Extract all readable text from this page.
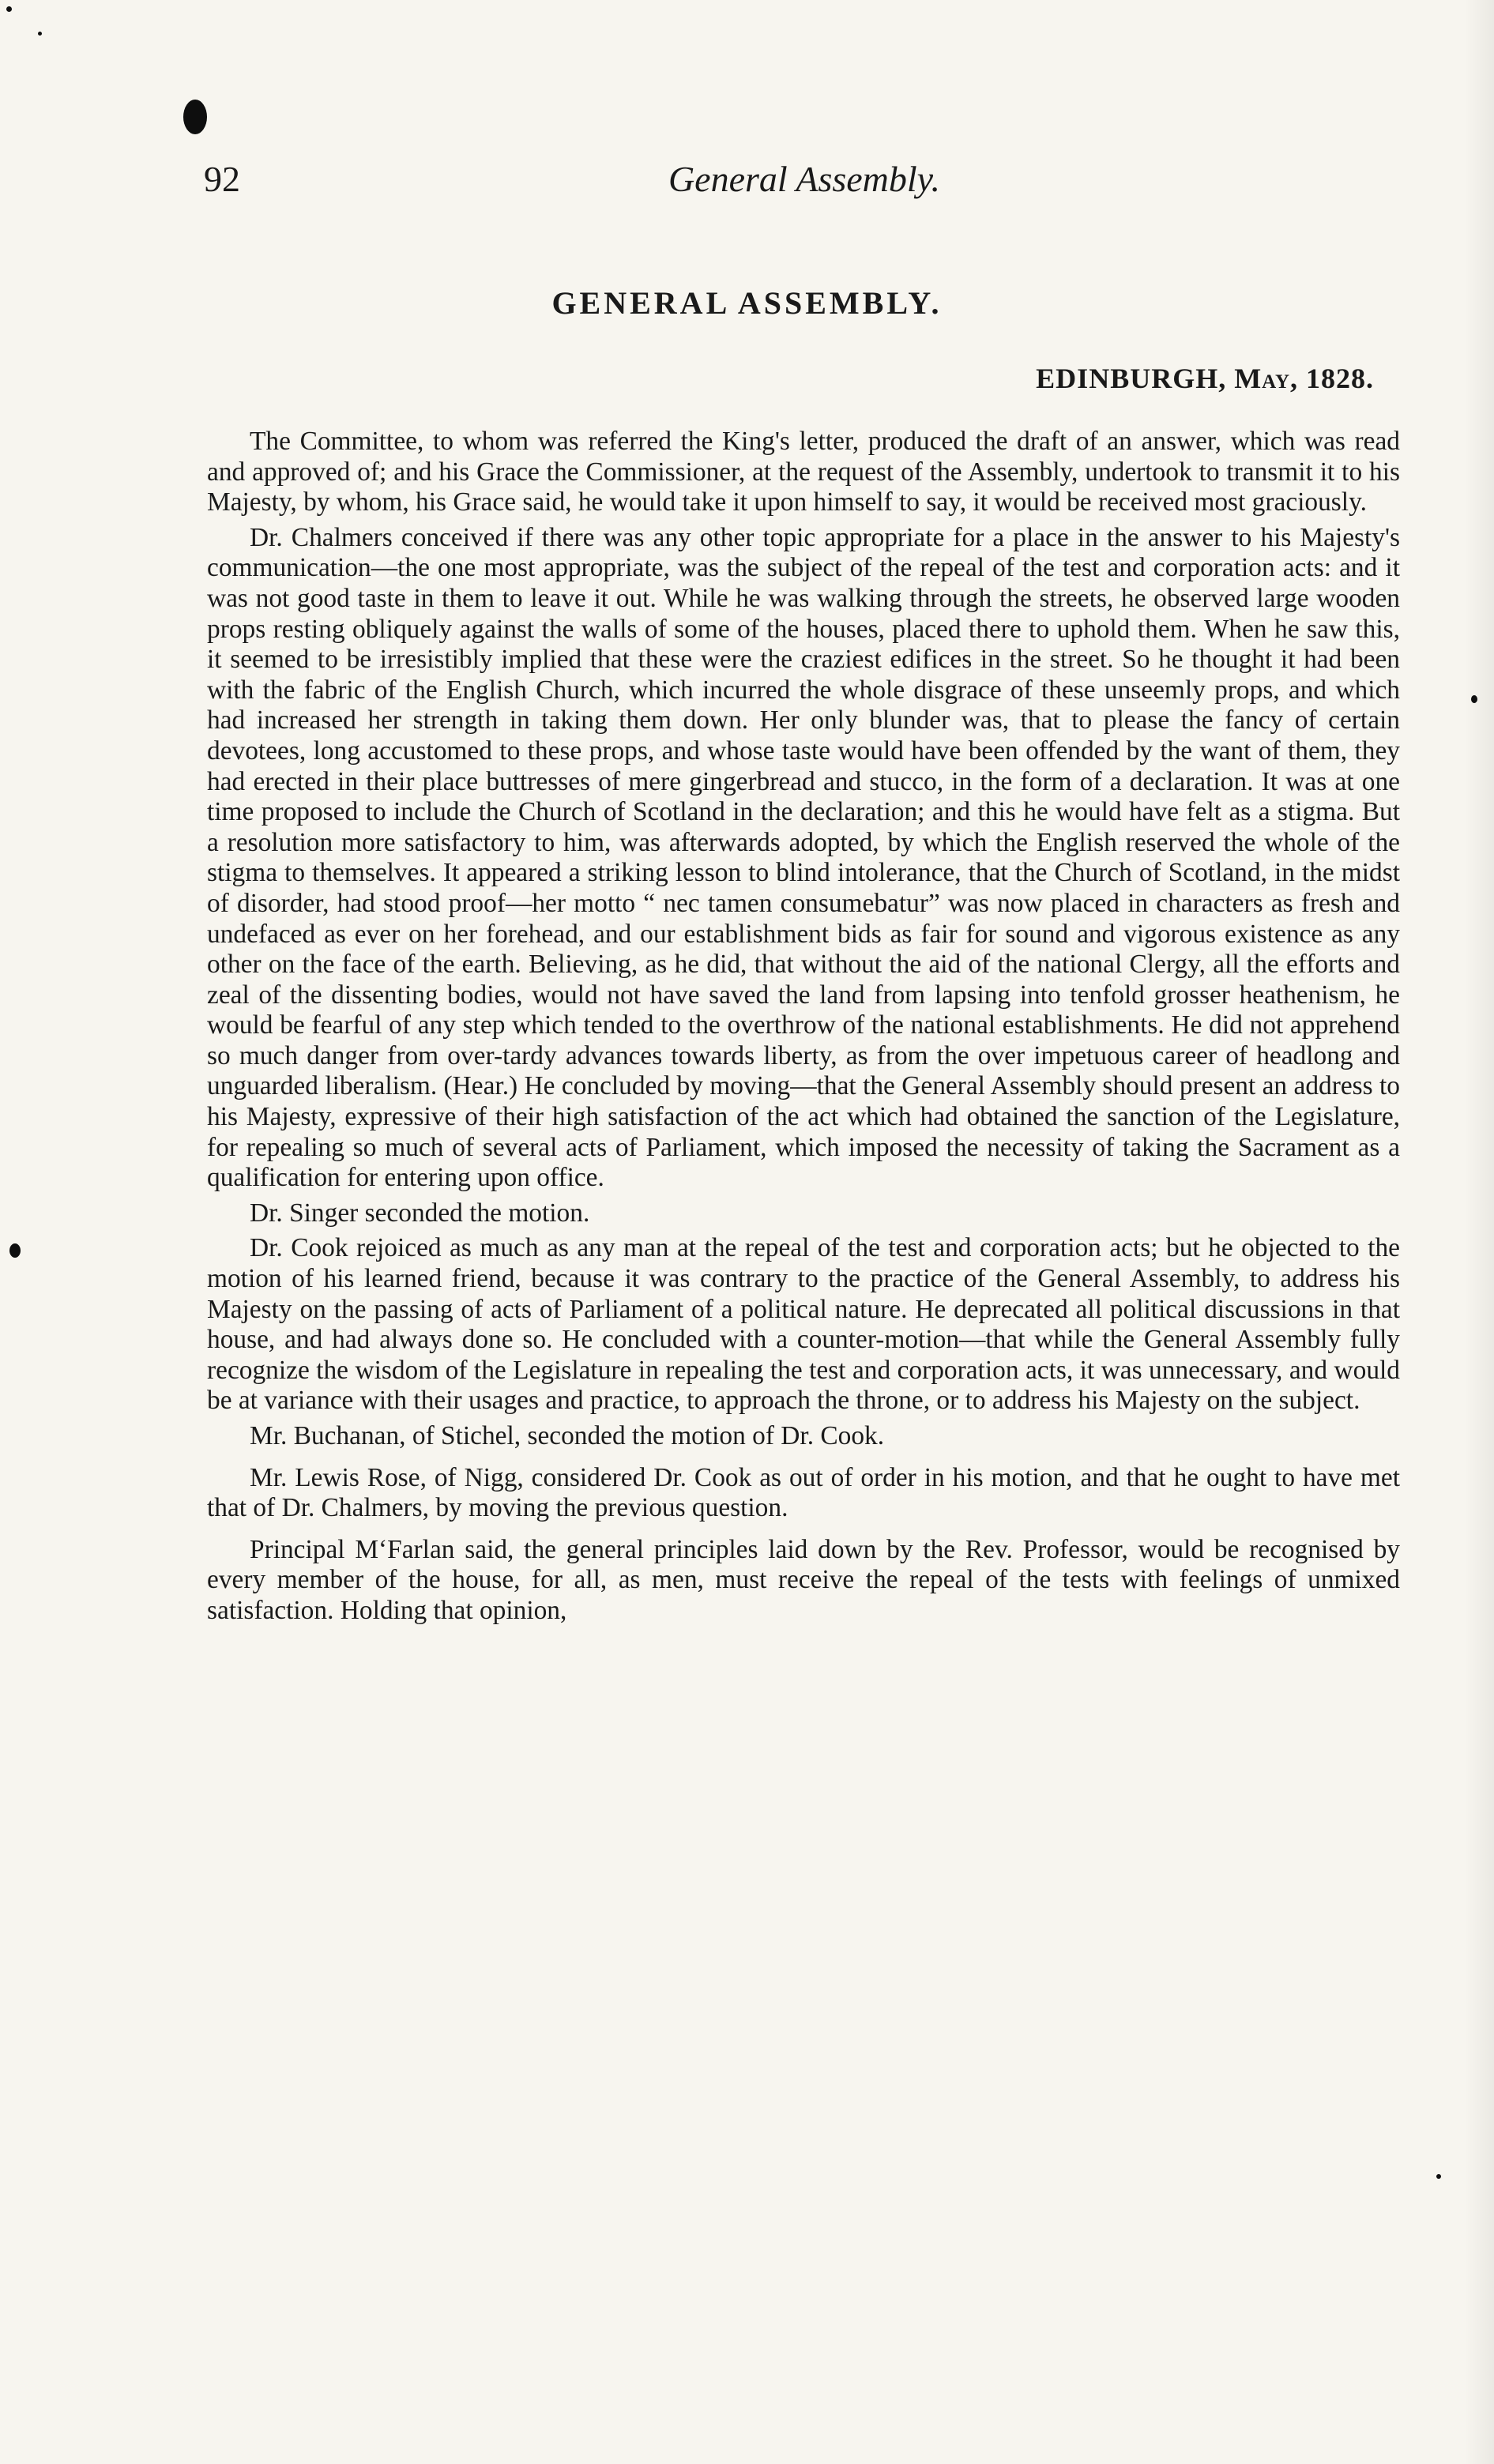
92	General Assembly.
GENERAL ASSEMBLY.
EDINBURGH, May, 1828.

The Committee, to whom was referred the King's letter, produced the draft of an answer, which was read and approved of; and his Grace the Commissioner, at the request of the Assembly, undertook to transmit it to his Majesty, by whom, his Grace said, he would take it upon himself to say, it would be received most graciously.

Dr. Chalmers conceived if there was any other topic appropriate for a place in the answer to his Majesty's communication—the one most appropriate, was the subject of the repeal of the test and corporation acts: and it was not good taste in them to leave it out. While he was walking through the streets, he observed large wooden props resting obliquely against the walls of some of the houses, placed there to uphold them. When he saw this, it seemed to be irresistibly implied that these were the craziest edifices in the street. So he thought it had been with the fabric of the English Church, which incurred the whole disgrace of these unseemly props, and which had increased her strength in taking them down. Her only blunder was, that to please the fancy of certain devotees, long accustomed to these props, and whose taste would have been offended by the want of them, they had erected in their place buttresses of mere gingerbread and stucco, in the form of a declaration. It was at one time proposed to include the Church of Scotland in the declaration; and this he would have felt as a stigma. But a resolution more satisfactory to him, was afterwards adopted, by which the English reserved the whole of the stigma to themselves. It appeared a striking lesson to blind intolerance, that the Church of Scotland, in the midst of disorder, had stood proof—her motto “ nec tamen consumebatur” was now placed in characters as fresh and undefaced as ever on her forehead, and our establishment bids as fair for sound and vigorous existence as any other on the face of the earth. Believing, as he did, that without the aid of the national Clergy, all the efforts and zeal of the dissenting bodies, would not have saved the land from lapsing into tenfold grosser heathenism, he would be fearful of any step which tended to the overthrow of the national establishments. He did not apprehend so much danger from over-tardy advances towards liberty, as from the over impetuous career of headlong and unguarded liberalism. (Hear.) He concluded by moving—that the General Assembly should present an address to his Majesty, expressive of their high satisfaction of the act which had obtained the sanction of the Legislature, for repealing so much of several acts of Parliament, which imposed the necessity of taking the Sacrament as a qualification for entering upon office.

Dr. Singer seconded the motion.

Dr. Cook rejoiced as much as any man at the repeal of the test and corporation acts; but he objected to the motion of his learned friend, because it was contrary to the practice of the General Assembly, to address his Majesty on the passing of acts of Parliament of a political nature. He deprecated all political discussions in that house, and had always done so. He concluded with a counter-motion—that while the General Assembly fully recognize the wisdom of the Legislature in repealing the test and corporation acts, it was unnecessary, and would be at variance with their usages and practice, to approach the throne, or to address his Majesty on the subject.

Mr. Buchanan, of Stichel, seconded the motion of Dr. Cook.

Mr. Lewis Rose, of Nigg, considered Dr. Cook as out of order in his motion, and that he ought to have met that of Dr. Chalmers, by moving the previous question.

Principal M‘Farlan said, the general principles laid down by the Rev. Professor, would be recognised by every member of the house, for all, as men, must receive the repeal of the tests with feelings of unmixed satisfaction. Holding that opinion,
